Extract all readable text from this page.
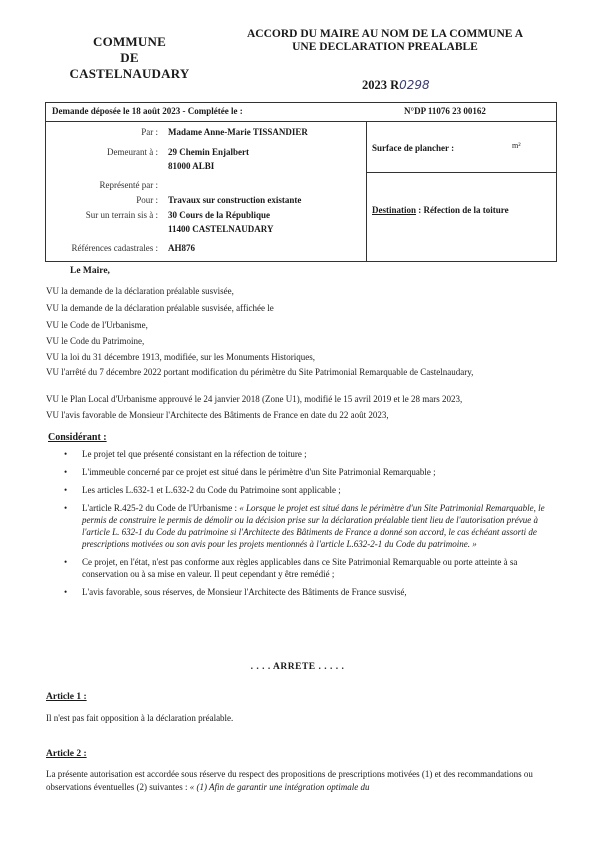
COMMUNE
DE
CASTELNAUDARY
ACCORD DU MAIRE AU NOM DE LA COMMUNE A
UNE DECLARATION PREALABLE
2023 R0298
Demande déposée le 18 août 2023 - Complétée le :	N°DP 11076 23 00162
Par : Madame Anne-Marie TISSANDIER
Demeurant à : 29 Chemin Enjalbert
81000 ALBI
Représenté par :
Pour : Travaux sur construction existante
Sur un terrain sis à : 30 Cours de la République
11400 CASTELNAUDARY
Références cadastrales : AH876
Surface de plancher :	m²
Destination : Réfection de la toiture
Le Maire,
VU la demande de la déclaration préalable susvisée,
VU la demande de la déclaration préalable susvisée, affichée le
VU le Code de l'Urbanisme,
VU le Code du Patrimoine,
VU la loi du 31 décembre 1913, modifiée, sur les Monuments Historiques,
VU l'arrêté du 7 décembre 2022 portant modification du périmètre du Site Patrimonial Remarquable de Castelnaudary,
VU le Plan Local d'Urbanisme approuvé le 24 janvier 2018 (Zone U1), modifié le 15 avril 2019 et le 28 mars 2023,
VU l'avis favorable de Monsieur l'Architecte des Bâtiments de France en date du 22 août 2023,
Considérant :
• Le projet tel que présenté consistant en la réfection de toiture ;
• L'immeuble concerné par ce projet est situé dans le périmètre d'un Site Patrimonial Remarquable ;
• Les articles L.632-1 et L.632-2 du Code du Patrimoine sont applicable ;
• L'article R.425-2 du Code de l'Urbanisme : « Lorsque le projet est situé dans le périmètre d'un Site Patrimonial Remarquable, le permis de construire le permis de démolir ou la décision prise sur la déclaration préalable tient lieu de l'autorisation prévue à l'article L. 632-1 du Code du patrimoine si l'Architecte des Bâtiments de France a donné son accord, le cas échéant assorti de prescriptions motivées ou son avis pour les projets mentionnés à l'article L.632-2-1 du Code du patrimoine. »
• Ce projet, en l'état, n'est pas conforme aux règles applicables dans ce Site Patrimonial Remarquable ou porte atteinte à sa conservation ou à sa mise en valeur. Il peut cependant y être remédié ;
• L'avis favorable, sous réserves, de Monsieur l'Architecte des Bâtiments de France susvisé,
. . . . ARRETE . . . . .
Article 1 :
Il n'est pas fait opposition à la déclaration préalable.
Article 2 :
La présente autorisation est accordée sous réserve du respect des propositions de prescriptions motivées (1) et des recommandations ou observations éventuelles (2) suivantes : « (1) Afin de garantir une intégration optimale du
